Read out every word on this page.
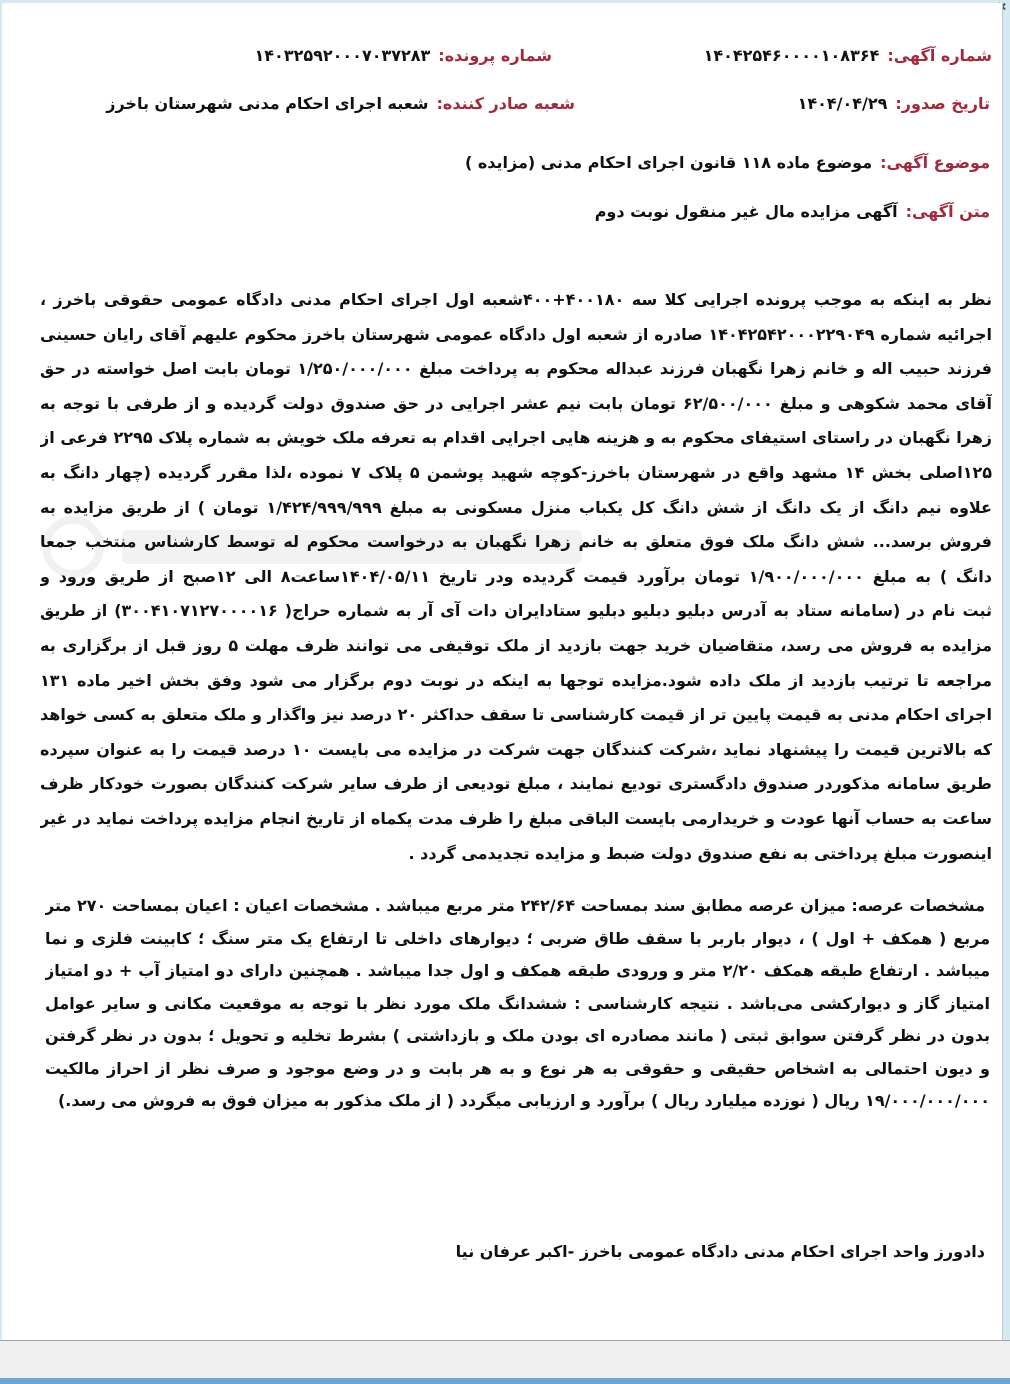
شماره آگهی:۱۴۰۴۲۵۴۶۰۰۰۰۱۰۸۳۶۴
شماره پرونده:۱۴۰۳۲۵۹۲۰۰۰۷۰۳۷۲۸۳
تاریخ صدور:۱۴۰۴/۰۴/۲۹
شعبه صادر کننده:شعبه اجرای احکام مدنی شهرستان باخرز
موضوع آگهی:موضوع ماده ۱۱۸ قانون اجرای احکام مدنی (مزایده )
متن آگهی:آگهی مزایده مال غیر منقول نوبت دوم
نظر به اینکه به موجب پرونده اجرایی کلا سه ۴۰۰۱۸۰+۴۰۰شعبه اول اجرای احکام مدنی دادگاه عمومی حقوقی باخرز ،
اجرائیه شماره ۱۴۰۴۲۵۴۲۰۰۰۲۲۹۰۴۹ صادره از شعبه اول دادگاه عمومی شهرستان باخرز محکوم علیهم آقای رایان حسینی
فرزند حبیب اله و خانم زهرا نگهبان فرزند عبداله محکوم به پرداخت مبلغ ۱/۲۵۰/۰۰۰/۰۰۰ تومان بابت اصل خواسته در حق
آقای محمد شکوهی و مبلغ ۶۲/۵۰۰/۰۰۰ تومان بابت نیم عشر اجرایی در حق صندوق دولت گردیده و از طرفی با توجه به
زهرا نگهبان در راستای استیفای محکوم به و هزینه هایی اجرایی اقدام به تعرفه ملک خویش به شماره پلاک ۲۲۹۵ فرعی از
۱۲۵اصلی بخش ۱۴ مشهد واقع در شهرستان باخرز-کوچه شهید پوشمن ۵ پلاک ۷ نموده ،لذا مقرر گردیده (چهار دانگ به
علاوه نیم دانگ از یک دانگ از شش دانگ کل یکباب منزل مسکونی به مبلغ ۱/۴۲۴/۹۹۹/۹۹۹ تومان ) از طریق مزایده به
فروش برسد... شش دانگ ملک فوق متعلق به خانم زهرا نگهبان به درخواست محکوم له توسط کارشناس منتخب جمعا
دانگ ) به مبلغ ۱/۹۰۰/۰۰۰/۰۰۰ تومان برآورد قیمت گردیده ودر تاریخ ۱۴۰۴/۰۵/۱۱ساعت۸ الی ۱۲صبح از طریق ورود و
ثبت نام در (سامانه ستاد به آدرس دبلیو دبلیو دبلیو ستادایران دات آی آر به شماره حراج( ۳۰۰۴۱۰۷۱۲۷۰۰۰۰۱۶) از طریق
مزایده به فروش می رسد، متقاضیان خرید جهت بازدید از ملک توقیفی می توانند ظرف مهلت ۵ روز قبل از برگزاری به
مراجعه تا ترتیب بازدید از ملک داده شود.مزایده توجها به اینکه در نوبت دوم برگزار می شود وفق بخش اخیر ماده ۱۳۱
اجرای احکام مدنی به قیمت پایین تر از قیمت کارشناسی تا سقف حداکثر ۲۰ درصد نیز واگذار و ملک متعلق به کسی خواهد
که بالاترین قیمت را پیشنهاد نماید ،شرکت کنندگان جهت شرکت در مزایده می بایست ۱۰ درصد قیمت را به عنوان سپرده
طریق سامانه مذکوردر صندوق دادگستری تودیع نمایند ، مبلغ تودیعی از طرف سایر شرکت کنندگان بصورت خودکار ظرف
ساعت به حساب آنها عودت و خریدارمی بایست الباقی مبلغ را ظرف مدت یکماه از تاریخ انجام مزایده پرداخت نماید در غیر
اینصورت مبلغ پرداختی به نفع صندوق دولت ضبط و مزایده تجدیدمی گردد .
مشخصات عرصه: میزان عرصه مطابق سند بمساحت ۲۴۲/۶۴ متر مربع میباشد . مشخصات اعیان : اعیان بمساحت ۲۷۰ متر
مربع ( همکف + اول ) ، دیوار باربر با سقف طاق ضربی ؛ دیوارهای داخلی تا ارتفاع یک متر سنگ ؛ کابینت فلزی و نما
میباشد . ارتفاع طبقه همکف ۲/۲۰ متر و ورودی طبقه همکف و اول جدا میباشد . همچنین دارای دو امتیاز آب + دو امتیاز
امتیاز گاز و دیوارکشی می‌باشد . نتیجه کارشناسی : ششدانگ ملک مورد نظر با توجه به موقعیت مکانی و سایر عوامل
بدون در نظر گرفتن سوابق ثبتی ( مانند مصادره ای بودن ملک و بازداشتی ) بشرط تخلیه و تحویل ؛ بدون در نظر گرفتن
و دیون احتمالی به اشخاص حقیقی و حقوقی به هر نوع و به هر بابت و در وضع موجود و صرف نظر از احراز مالکیت
۱۹/۰۰۰/۰۰۰/۰۰۰ ریال ( نوزده میلیارد ریال ) برآورد و ارزیابی میگردد ( از ملک مذکور به میزان فوق به فروش می رسد.)
دادورز واحد اجرای احکام مدنی دادگاه عمومی باخرز -اکبر عرفان نیا
